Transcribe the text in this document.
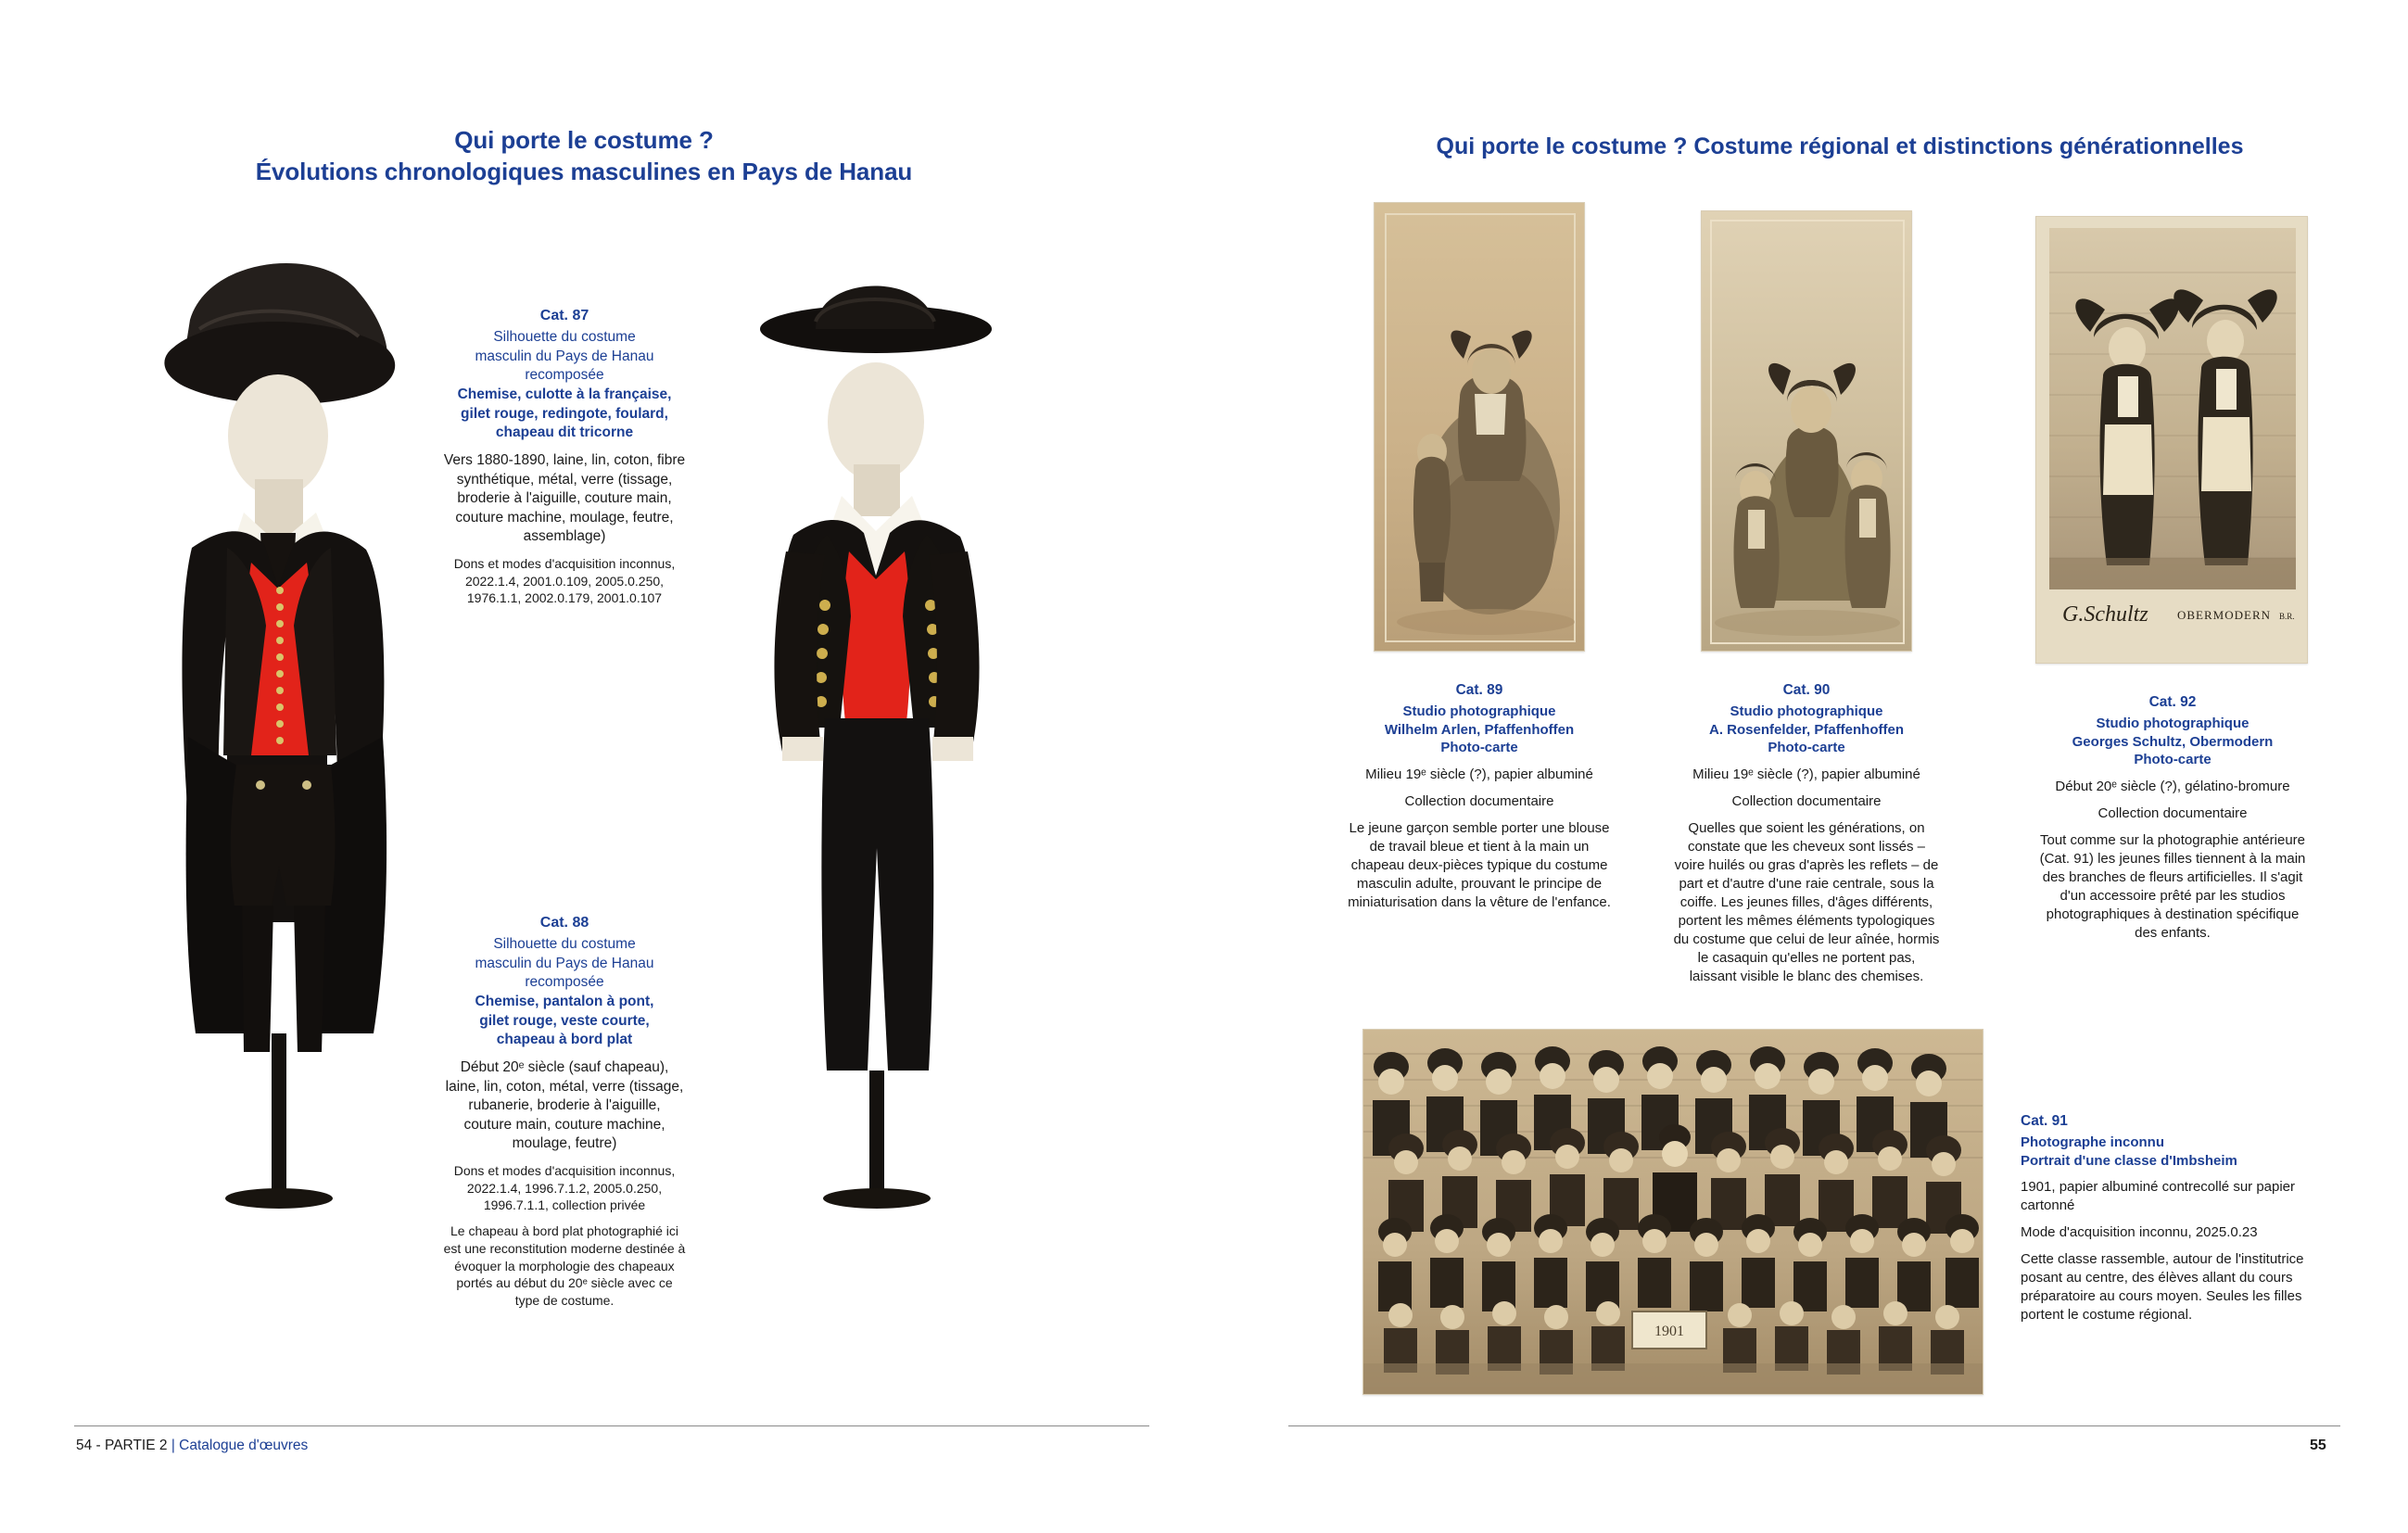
Qui porte le costume ?
Évolutions chronologiques masculines en Pays de Hanau
Cat. 87
Silhouette du costume
masculin du Pays de Hanau
recomposée
Chemise, culotte à la française,
gilet rouge, redingote, foulard,
chapeau dit tricorne
Vers 1880-1890, laine, lin, coton, fibre synthétique, métal, verre (tissage, broderie à l'aiguille, couture main, couture machine, moulage, feutre, assemblage)
Dons et modes d'acquisition inconnus, 2022.1.4, 2001.0.109, 2005.0.250, 1976.1.1, 2002.0.179, 2001.0.107
Cat. 88
Silhouette du costume
masculin du Pays de Hanau
recomposée
Chemise, pantalon à pont,
gilet rouge, veste courte,
chapeau à bord plat
Début 20ᵉ siècle (sauf chapeau), laine, lin, coton, métal, verre (tissage, rubanerie, broderie à l'aiguille, couture main, couture machine, moulage, feutre)
Dons et modes d'acquisition inconnus, 2022.1.4, 1996.7.1.2, 2005.0.250, 1996.7.1.1, collection privée
Le chapeau à bord plat photographié ici est une reconstitution moderne destinée à évoquer la morphologie des chapeaux portés au début du 20ᵉ siècle avec ce type de costume.
54 - PARTIE 2 | Catalogue d'œuvres
Qui porte le costume ? Costume régional et distinctions générationnelles
Cat. 89
Studio photographique
Wilhelm Arlen, Pfaffenhoffen
Photo-carte
Milieu 19ᵉ siècle (?), papier albuminé
Collection documentaire
Le jeune garçon semble porter une blouse de travail bleue et tient à la main un chapeau deux-pièces typique du costume masculin adulte, prouvant le principe de miniaturisation dans la vêture de l'enfance.
Cat. 90
Studio photographique
A. Rosenfelder, Pfaffenhoffen
Photo-carte
Milieu 19ᵉ siècle (?), papier albuminé
Collection documentaire
Quelles que soient les générations, on constate que les cheveux sont lissés – voire huilés ou gras d'après les reflets – de part et d'autre d'une raie centrale, sous la coiffe. Les jeunes filles, d'âges différents, portent les mêmes éléments typologiques du costume que celui de leur aînée, hormis le casaquin qu'elles ne portent pas, laissant visible le blanc des chemises.
G.Schultz OBERMODERN B.R.
Cat. 92
Studio photographique
Georges Schultz, Obermodern
Photo-carte
Début 20ᵉ siècle (?), gélatino-bromure
Collection documentaire
Tout comme sur la photographie antérieure (Cat. 91) les jeunes filles tiennent à la main des branches de fleurs artificielles. Il s'agit d'un accessoire prêté par les studios photographiques à destination spécifique des enfants.
1901
Cat. 91
Photographe inconnu
Portrait d'une classe d'Imbsheim
1901, papier albuminé contrecollé sur papier cartonné
Mode d'acquisition inconnu, 2025.0.23
Cette classe rassemble, autour de l'institutrice posant au centre, des élèves allant du cours préparatoire au cours moyen. Seules les filles portent le costume régional.
55
